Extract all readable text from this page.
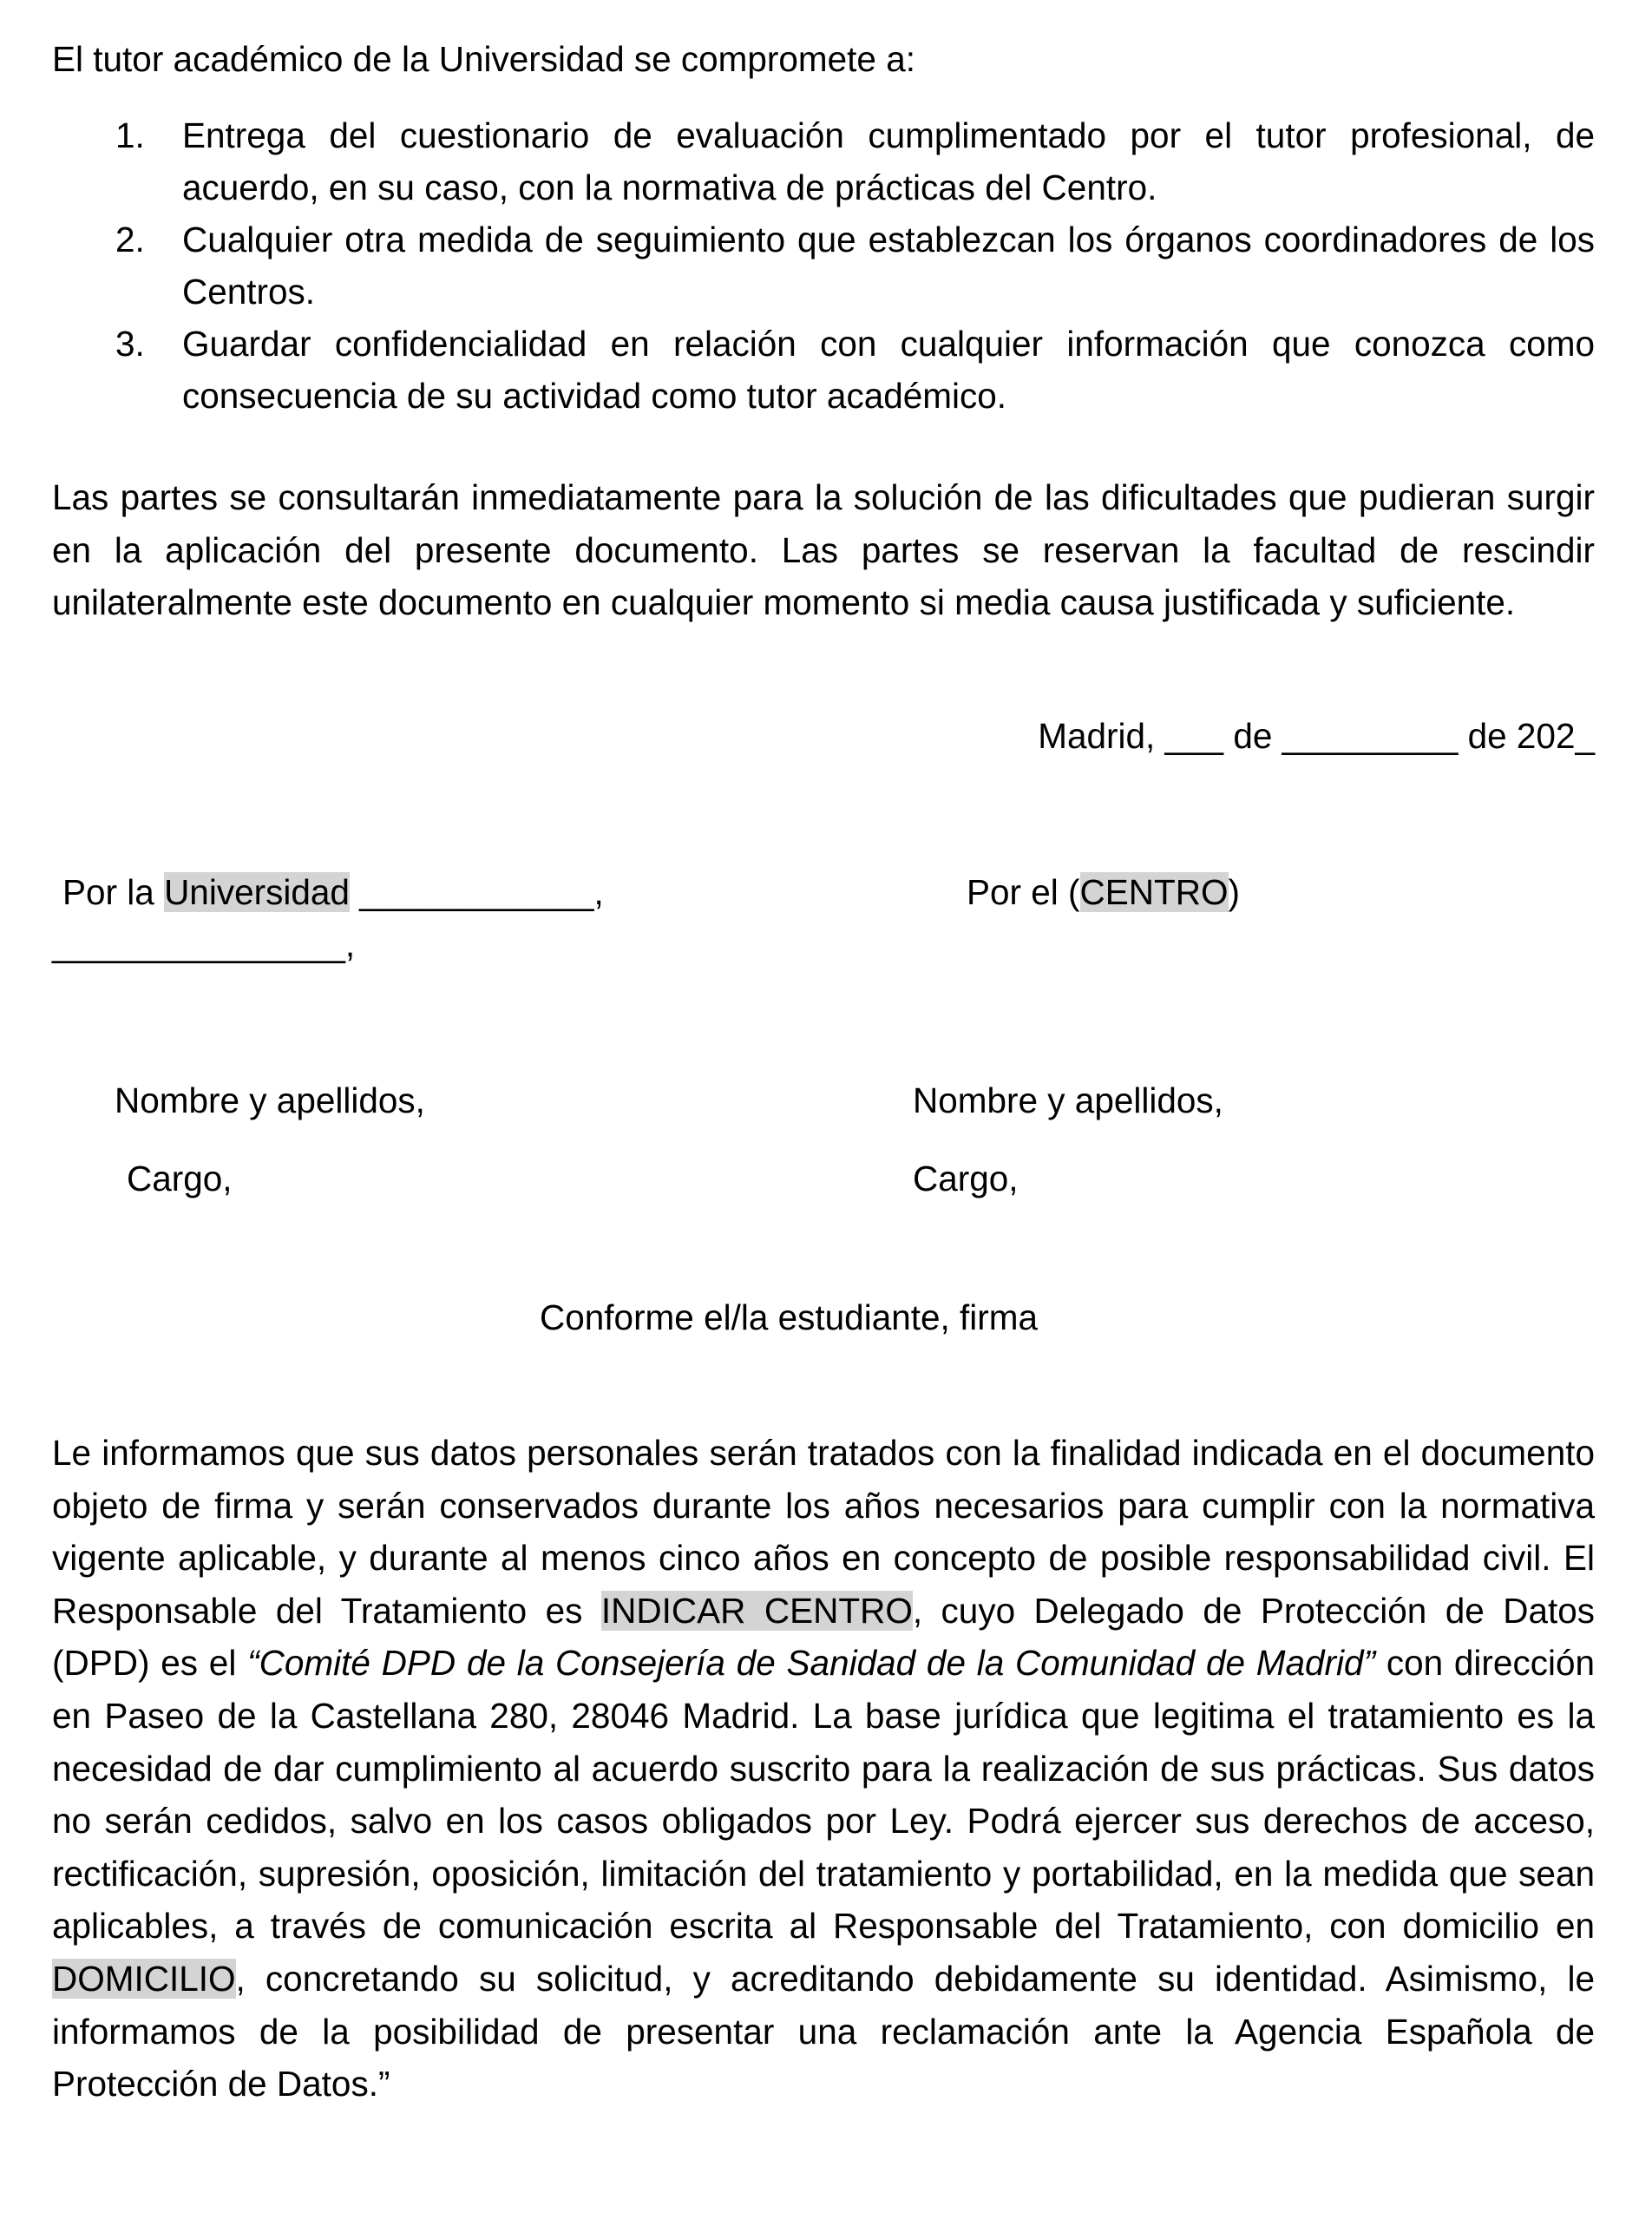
El tutor académico de la Universidad se compromete a:
1. Entrega del cuestionario de evaluación cumplimentado por el tutor profesional, de acuerdo, en su caso, con la normativa de prácticas del Centro.
2. Cualquier otra medida de seguimiento que establezcan los órganos coordinadores de los Centros.
3. Guardar confidencialidad en relación con cualquier información que conozca como consecuencia de su actividad como tutor académico.

Las partes se consultarán inmediatamente para la solución de las dificultades que pudieran surgir en la aplicación del presente documento. Las partes se reservan la facultad de rescindir unilateralmente este documento en cualquier momento si media causa justificada y suficiente.

Madrid, ___ de _________ de 202_
Por la Universidad ____________,
_______________,
Por el (CENTRO)
Nombre y apellidos,	Nombre y apellidos,
Cargo,	Cargo,
Conforme el/la estudiante, firma

Le informamos que sus datos personales serán tratados con la finalidad indicada en el documento objeto de firma y serán conservados durante los años necesarios para cumplir con la normativa vigente aplicable, y durante al menos cinco años en concepto de posible responsabilidad civil. El Responsable del Tratamiento es INDICAR CENTRO, cuyo Delegado de Protección de Datos (DPD) es el “Comité DPD de la Consejería de Sanidad de la Comunidad de Madrid” con dirección en Paseo de la Castellana 280, 28046 Madrid. La base jurídica que legitima el tratamiento es la necesidad de dar cumplimiento al acuerdo suscrito para la realización de sus prácticas. Sus datos no serán cedidos, salvo en los casos obligados por Ley. Podrá ejercer sus derechos de acceso, rectificación, supresión, oposición, limitación del tratamiento y portabilidad, en la medida que sean aplicables, a través de comunicación escrita al Responsable del Tratamiento, con domicilio en DOMICILIO, concretando su solicitud, y acreditando debidamente su identidad. Asimismo, le informamos de la posibilidad de presentar una reclamación ante la Agencia Española de Protección de Datos.”
